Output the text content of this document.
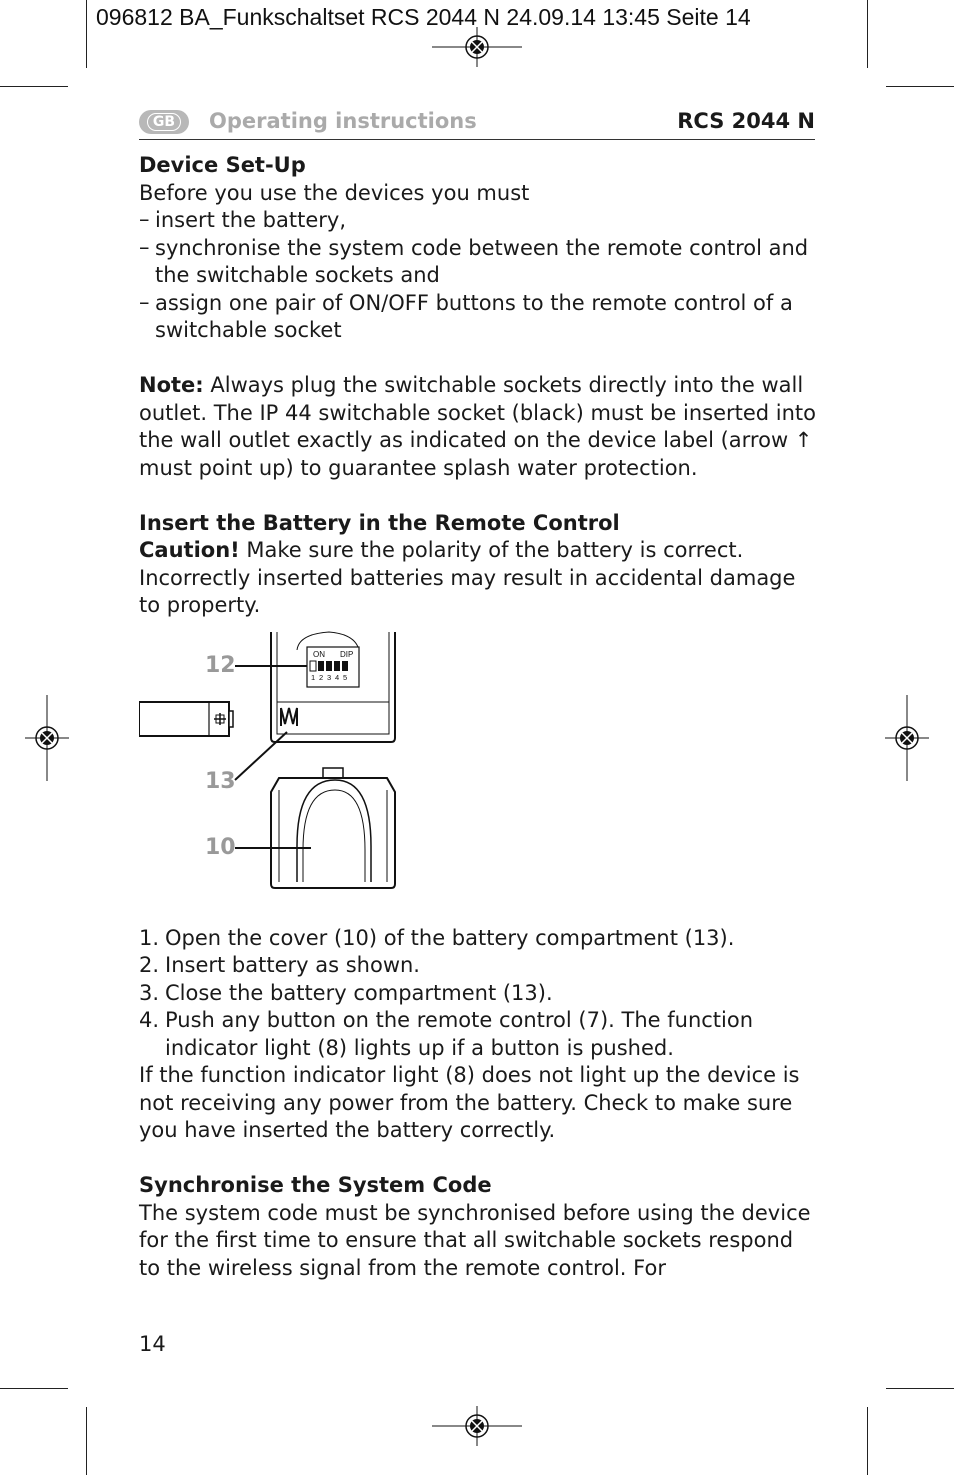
096812 BA_Funkschaltset RCS 2044 N 24.09.14 13:45 Seite 14
GB	Operating instructions	RCS 2044 N
Device Set-Up

Before you use the devices you must

– insert the battery,
– synchronise the system code between the remote control and the switchable sockets and
– assign one pair of ON/OFF buttons to the remote control of a switchable socket

Note: Always plug the switchable sockets directly into the wall outlet. The IP 44 switchable socket (black) must be inserted into the wall outlet exactly as indicated on the device label (arrow ↑ must point up) to guarantee splash water protection.

Insert the Battery in the Remote Control

Caution! Make sure the polarity of the battery is correct. Incorrectly inserted batteries may result in accidental damage to property.

ON DIP
1 2 3 4 5
12
13
10
1. Open the cover (10) of the battery compartment (13).
2. Insert battery as shown.
3. Close the battery compartment (13).
4. Push any button on the remote control (7). The function indicator light (8) lights up if a button is pushed.

If the function indicator light (8) does not light up the device is not receiving any power from the battery. Check to make sure you have inserted the battery correctly.

Synchronise the System Code

The system code must be synchronised before using the device for the first time to ensure that all switchable sockets respond to the wireless signal from the remote control. For

14
